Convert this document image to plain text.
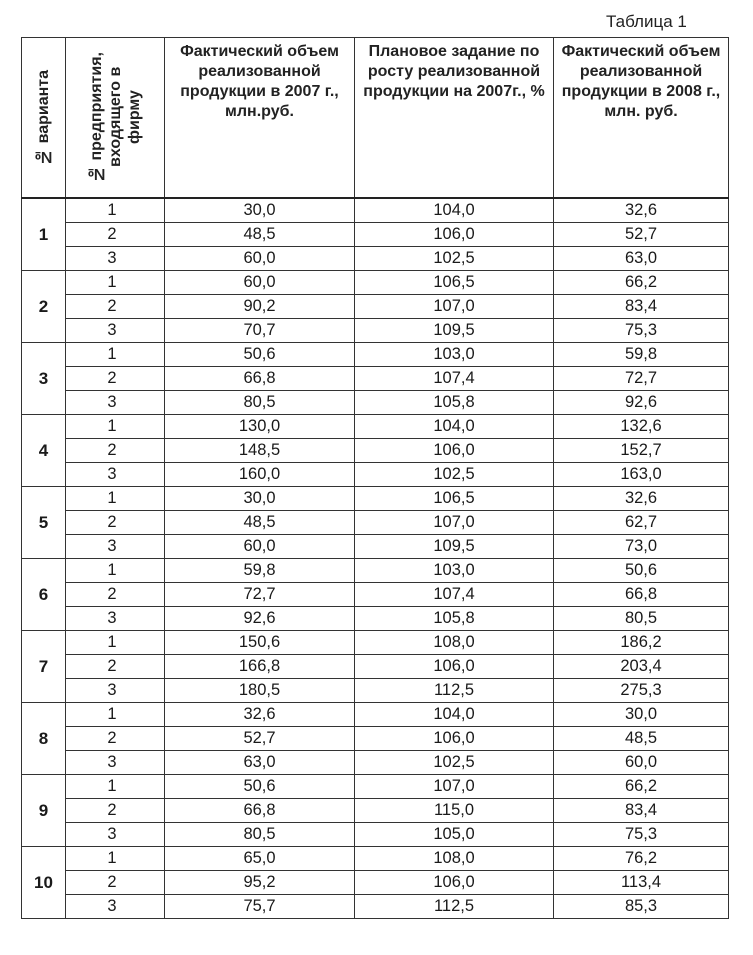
Таблица 1
№ варианта	№ предприятия, входящего в фирму	Фактический объем реализованной продукции в 2007 г., млн.руб.	Плановое задание по росту реализованной продукции на 2007г., %	Фактический объем реализованной продукции в 2008 г., млн. руб.
1	1	30,0	104,0	32,6
	2	48,5	106,0	52,7
	3	60,0	102,5	63,0
2	1	60,0	106,5	66,2
	2	90,2	107,0	83,4
	3	70,7	109,5	75,3
3	1	50,6	103,0	59,8
	2	66,8	107,4	72,7
	3	80,5	105,8	92,6
4	1	130,0	104,0	132,6
	2	148,5	106,0	152,7
	3	160,0	102,5	163,0
5	1	30,0	106,5	32,6
	2	48,5	107,0	62,7
	3	60,0	109,5	73,0
6	1	59,8	103,0	50,6
	2	72,7	107,4	66,8
	3	92,6	105,8	80,5
7	1	150,6	108,0	186,2
	2	166,8	106,0	203,4
	3	180,5	112,5	275,3
8	1	32,6	104,0	30,0
	2	52,7	106,0	48,5
	3	63,0	102,5	60,0
9	1	50,6	107,0	66,2
	2	66,8	115,0	83,4
	3	80,5	105,0	75,3
10	1	65,0	108,0	76,2
	2	95,2	106,0	113,4
	3	75,7	112,5	85,3
